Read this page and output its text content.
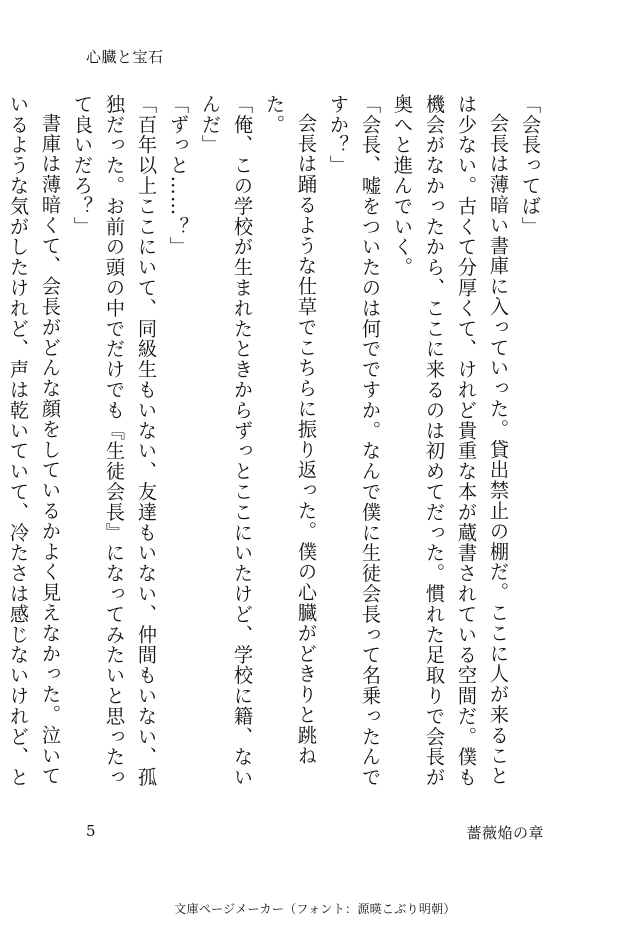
心臓と宝石

「会長ってば」

会長は薄暗い書庫に入っていった。貸出禁止の棚だ。ここに人が来ることは少ない。古くて分厚くて、けれど貴重な本が蔵書されている空間だ。僕も機会がなかったから、ここに来るのは初めてだった。慣れた足取りで会長が奥へと進んでいく。

「会長、嘘をついたのは何でですか。なんで僕に生徒会長って名乗ったんですか？」

会長は踊るような仕草でこちらに振り返った。僕の心臓がどきりと跳ねた。

「俺、この学校が生まれたときからずっとここにいたけど、学校に籍、ないんだ」

「ずっと……？」

「百年以上ここにいて、同級生もいない、友達もいない、仲間もいない、孤独だった。お前の頭の中でだけでも『生徒会長』になってみたいと思ったって良いだろ？」

書庫は薄暗くて、会長がどんな顔をしているかよく見えなかった。泣いているような気がしたけれど、声は乾いていて、冷たさは感じないけれど、と

5	薔薇焔の章
文庫ページメーカー（フォント：源暎こぶり明朝）
